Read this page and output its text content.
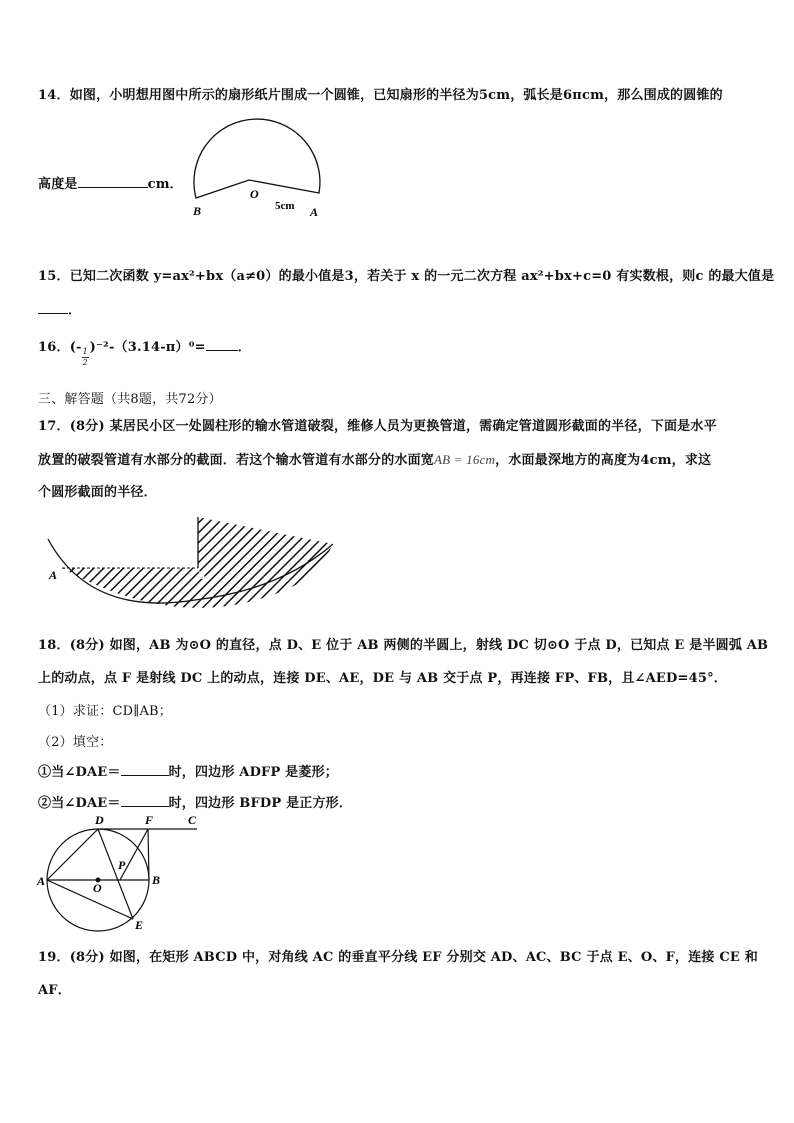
14．如图，小明想用图中所示的扇形纸片围成一个圆锥，已知扇形的半径为5cm，弧长是6πcm，那么围成的圆锥的
O
B	A
5cm
高度是	cm．
15．已知二次函数 y=ax²+bx（a≠0）的最小值是3，若关于 x 的一元二次方程 ax²+bx+c=0 有实数根，则c 的最大值是
．
16．(- $\frac{1}{2} )^{-2}-(3.14-\pi)^0=$ ．
三、解答题（共8题，共72分）
17．(8分) 某居民小区一处圆柱形的输水管道破裂，维修人员为更换管道，需确定管道圆形截面的半径，下面是水平
放置的破裂管道有水部分的截面．若这个输水管道有水部分的水面宽AB = 16cm，水面最深地方的高度为4cm，求这
个圆形截面的半径．
A	B
18．(8分) 如图，AB 为⊙O 的直径，点 D、E 位于 AB 两侧的半圆上，射线 DC 切⊙O 于点 D，已知点 E 是半圆弧 AB
上的动点，点 F 是射线 DC 上的动点，连接 DE、AE，DE 与 AB 交于点 P，再连接 FP、FB，且∠AED=45°．
（1）求证：CD∥AB；
（2）填空：
①当∠DAE＝	时，四边形 ADFP 是菱形；
②当∠DAE＝	时，四边形 BFDP 是正方形．
D	F	C
P
A	O
B
E
19．(8分) 如图，在矩形 ABCD 中，对角线 AC 的垂直平分线 EF 分别交 AD、AC、BC 于点 E、O、F，连接 CE 和
AF．
